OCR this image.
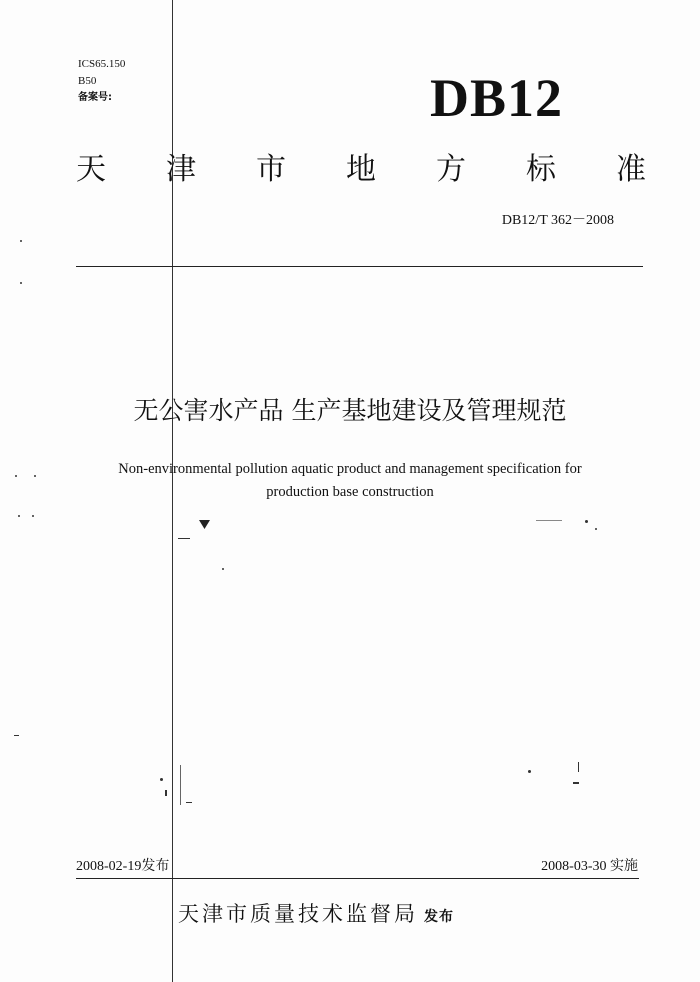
ICS65.150
B50
备案号:	DB12
天 津 市 地 方 标 准
DB12/T 362－2008
无公害水产品 生产基地建设及管理规范
Non-environmental pollution aquatic product and management specification for
production base construction
2008-02-19发布	2008-03-30 实施
天津市质量技术监督局 发布
